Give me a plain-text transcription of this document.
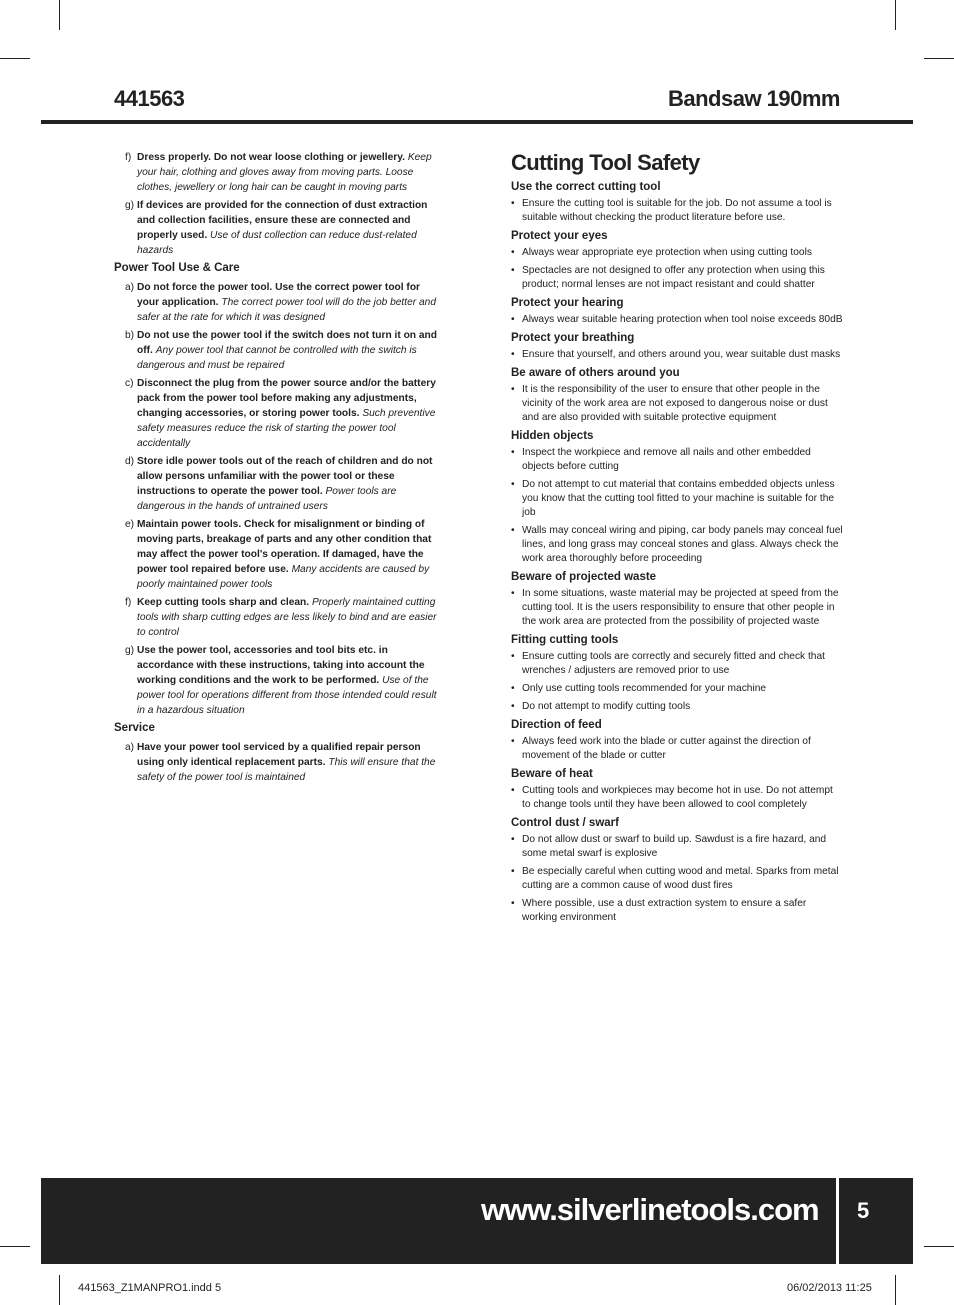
441563	Bandsaw 190mm
f) Dress properly. Do not wear loose clothing or jewellery. Keep your hair, clothing and gloves away from moving parts. Loose clothes, jewellery or long hair can be caught in moving parts
g) If devices are provided for the connection of dust extraction and collection facilities, ensure these are connected and properly used. Use of dust collection can reduce dust-related hazards
Power Tool Use & Care
a) Do not force the power tool. Use the correct power tool for your application. The correct power tool will do the job better and safer at the rate for which it was designed
b) Do not use the power tool if the switch does not turn it on and off. Any power tool that cannot be controlled with the switch is dangerous and must be repaired
c) Disconnect the plug from the power source and/or the battery pack from the power tool before making any adjustments, changing accessories, or storing power tools. Such preventive safety measures reduce the risk of starting the power tool accidentally
d) Store idle power tools out of the reach of children and do not allow persons unfamiliar with the power tool or these instructions to operate the power tool. Power tools are dangerous in the hands of untrained users
e) Maintain power tools. Check for misalignment or binding of moving parts, breakage of parts and any other condition that may affect the power tool's operation. If damaged, have the power tool repaired before use. Many accidents are caused by poorly maintained power tools
f) Keep cutting tools sharp and clean. Properly maintained cutting tools with sharp cutting edges are less likely to bind and are easier to control
g) Use the power tool, accessories and tool bits etc. in accordance with these instructions, taking into account the working conditions and the work to be performed. Use of the power tool for operations different from those intended could result in a hazardous situation
Service
a) Have your power tool serviced by a qualified repair person using only identical replacement parts. This will ensure that the safety of the power tool is maintained
Cutting Tool Safety
Use the correct cutting tool
• Ensure the cutting tool is suitable for the job. Do not assume a tool is suitable without checking the product literature before use.
Protect your eyes
• Always wear appropriate eye protection when using cutting tools
• Spectacles are not designed to offer any protection when using this product; normal lenses are not impact resistant and could shatter
Protect your hearing
• Always wear suitable hearing protection when tool noise exceeds 80dB
Protect your breathing
• Ensure that yourself, and others around you, wear suitable dust masks
Be aware of others around you
• It is the responsibility of the user to ensure that other people in the vicinity of the work area are not exposed to dangerous noise or dust and are also provided with suitable protective equipment
Hidden objects
• Inspect the workpiece and remove all nails and other embedded objects before cutting
• Do not attempt to cut material that contains embedded objects unless you know that the cutting tool fitted to your machine is suitable for the job
• Walls may conceal wiring and piping, car body panels may conceal fuel lines, and long grass may conceal stones and glass. Always check the work area thoroughly before proceeding
Beware of projected waste
• In some situations, waste material may be projected at speed from the cutting tool. It is the users responsibility to ensure that other people in the work area are protected from the possibility of projected waste
Fitting cutting tools
• Ensure cutting tools are correctly and securely fitted and check that wrenches / adjusters are removed prior to use
• Only use cutting tools recommended for your machine
• Do not attempt to modify cutting tools
Direction of feed
• Always feed work into the blade or cutter against the direction of movement of the blade or cutter
Beware of heat
• Cutting tools and workpieces may become hot in use. Do not attempt to change tools until they have been allowed to cool completely
Control dust / swarf
• Do not allow dust or swarf to build up. Sawdust is a fire hazard, and some metal swarf is explosive
• Be especially careful when cutting wood and metal. Sparks from metal cutting are a common cause of wood dust fires
• Where possible, use a dust extraction system to ensure a safer working environment
www.silverlinetools.com 5
441563_Z1MANPRO1.indd 5	06/02/2013 11:25
